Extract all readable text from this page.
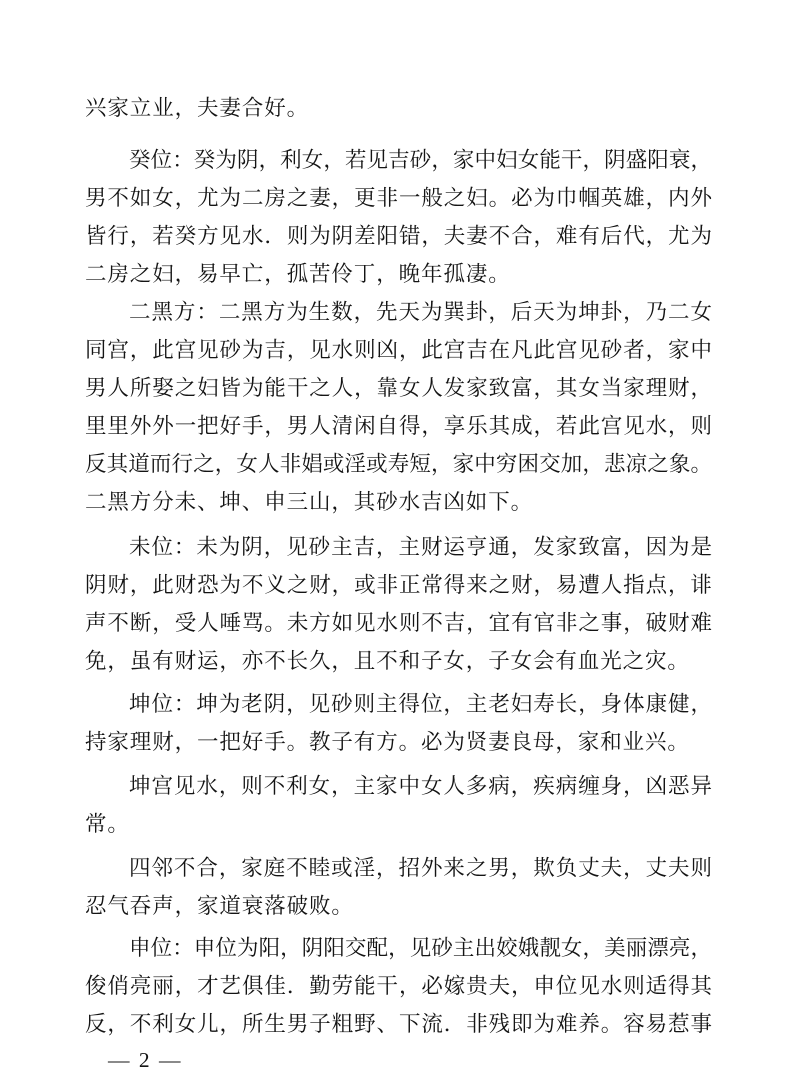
兴家立业，夫妻合好。
癸位：癸为阴，利女，若见吉砂，家中妇女能干，阴盛阳衰，
男不如女，尤为二房之妻，更非一般之妇。必为巾帼英雄，内外
皆行，若癸方见水．则为阴差阳错，夫妻不合，难有后代，尤为
二房之妇，易早亡，孤苦伶丁，晚年孤凄。
二黑方：二黑方为生数，先天为巽卦，后天为坤卦，乃二女
同宫，此宫见砂为吉，见水则凶，此宫吉在凡此宫见砂者，家中
男人所娶之妇皆为能干之人，靠女人发家致富，其女当家理财，
里里外外一把好手，男人清闲自得，享乐其成，若此宫见水，则
反其道而行之，女人非娼或淫或寿短，家中穷困交加，悲凉之象。
二黑方分未、坤、申三山，其砂水吉凶如下。
未位：未为阴，见砂主吉，主财运亨通，发家致富，因为是
阴财，此财恐为不义之财，或非正常得来之财，易遭人指点，诽
声不断，受人唾骂。未方如见水则不吉，宜有官非之事，破财难
免，虽有财运，亦不长久，且不和子女，子女会有血光之灾。
坤位：坤为老阴，见砂则主得位，主老妇寿长，身体康健，
持家理财，一把好手。教子有方。必为贤妻良母，家和业兴。
坤宫见水，则不利女，主家中女人多病，疾病缠身，凶恶异
常。
四邻不合，家庭不睦或淫，招外来之男，欺负丈夫，丈夫则
忍气吞声，家道衰落破败。
申位：申位为阳，阴阳交配，见砂主出姣娥靓女，美丽漂亮，
俊俏亮丽，才艺俱佳．勤劳能干，必嫁贵夫，申位见水则适得其
反，不利女儿，所生男子粗野、下流．非残即为难养。容易惹事
— 2 —
